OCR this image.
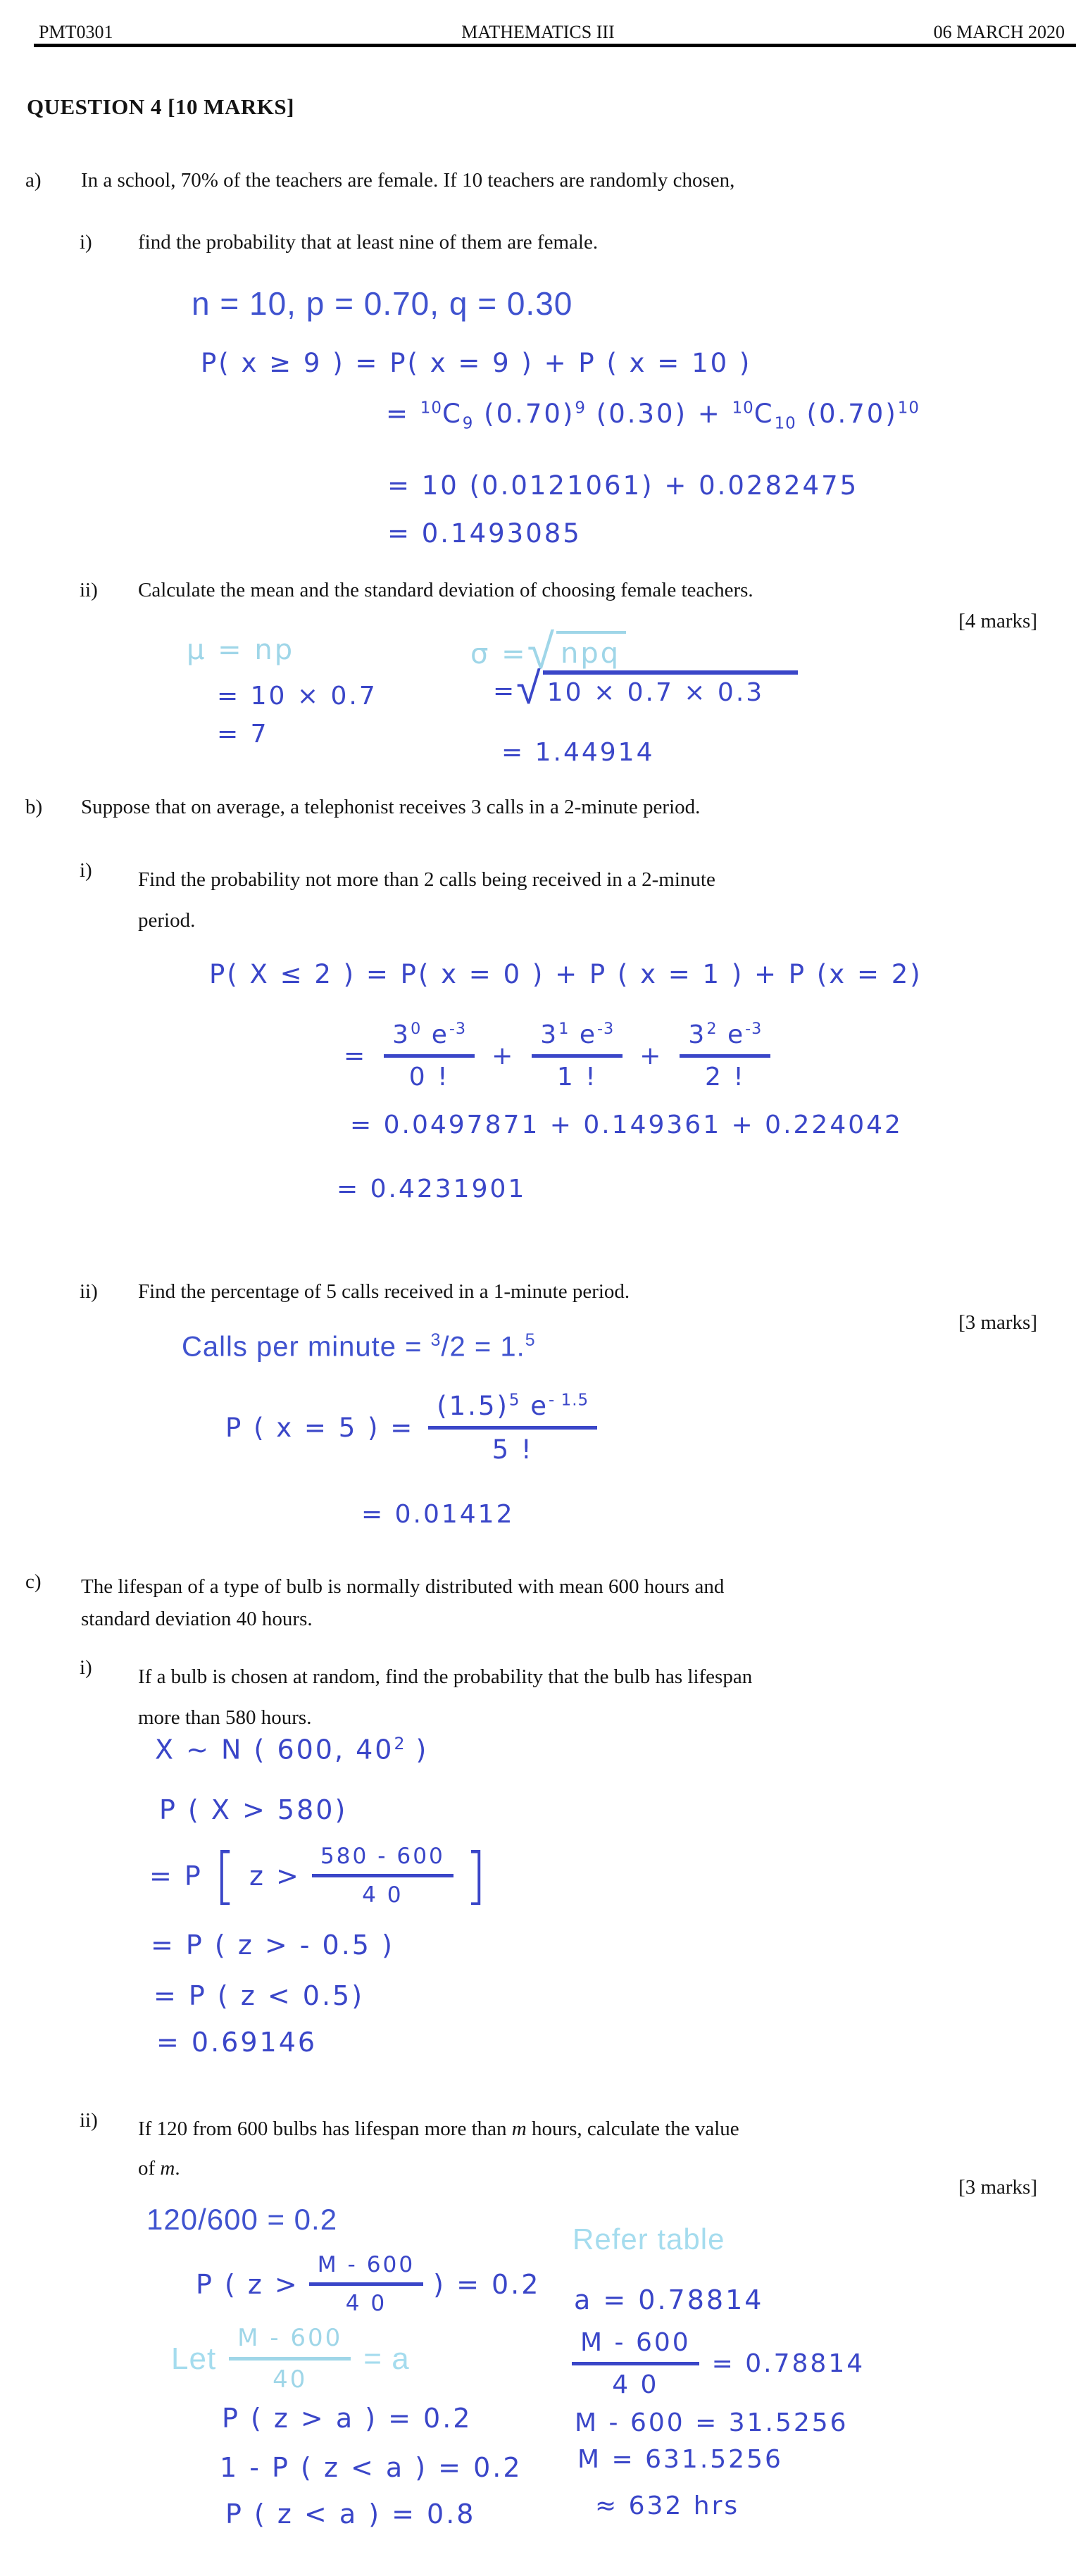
PMT0301	MATHEMATICS III	06 MARCH 2020
QUESTION 4 [10 MARKS]
a) In a school, 70% of the teachers are female. If 10 teachers are randomly chosen,
i) find the probability that at least nine of them are female.
n = 10, p = 0.70, q = 0.30
P( x ≥ 9 ) = P( x = 9 ) + P ( x = 10 )
= $^{10}C_9$ $(0.70)^9$ $(0.30) + ^{10}C_{10}$ $(0.70)^{10}$
= 10 (0.0121061) + 0.0282475
= 0.1493085
ii) Calculate the mean and the standard deviation of choosing female teachers.
[4 marks]
μ = np	σ = √ npq
= 10 × 0.7
= 7
= √ 10 × 0.7 × 0.3
= 1.44914
b) Suppose that on average, a telephonist receives 3 calls in a 2-minute period.
i) Find the probability not more than 2 calls being received in a 2-minute
period.
P( X ≤ 2 ) = P( x = 0 ) + P ( x = 1 ) + P (x = 2)
= $\frac{3^0 e^{-3}}{0 !} + \frac{3^1 e^{-3}}{1 !} + \frac{3^2 e^{-3}}{2 !}$
= 0.0497871 + 0.149361 + 0.224042
= 0.4231901
ii) Find the percentage of 5 calls received in a 1-minute period.
[3 marks]
Calls per minute = $^3$/2 = 1.$^5$
P ( x = 5 ) = $\frac{(1.5)^5 e^{- 1.5}}{5 !}$
= 0.01412
c) The lifespan of a type of bulb is normally distributed with mean 600 hours and
standard deviation 40 hours.
i) If a bulb is chosen at random, find the probability that the bulb has lifespan
more than 580 hours.
X ~ N ( 600, $40^2$ )
P ( X > 580)
= P [ $z > \frac{580 - 600}{4 0}$ ]
= P ( z > - 0.5 )
= P ( z < 0.5)
= 0.69146
ii) If 120 from 600 bulbs has lifespan more than m hours, calculate the value
of m.
[3 marks]
120/600 = 0.2
Refer table
P ( $z > \frac{M - 600}{4 0}$ ) = 0.2
Let $\frac{M - 600}{40} = a$
P ( z > a ) = 0.2
1 - P ( z < a ) = 0.2
P ( z < a ) = 0.8
a = 0.78814
$\frac{M - 600}{4 0} = 0.78814$
M - 600 = 31.5256
M = 631.5256
≈ 632 hrs
